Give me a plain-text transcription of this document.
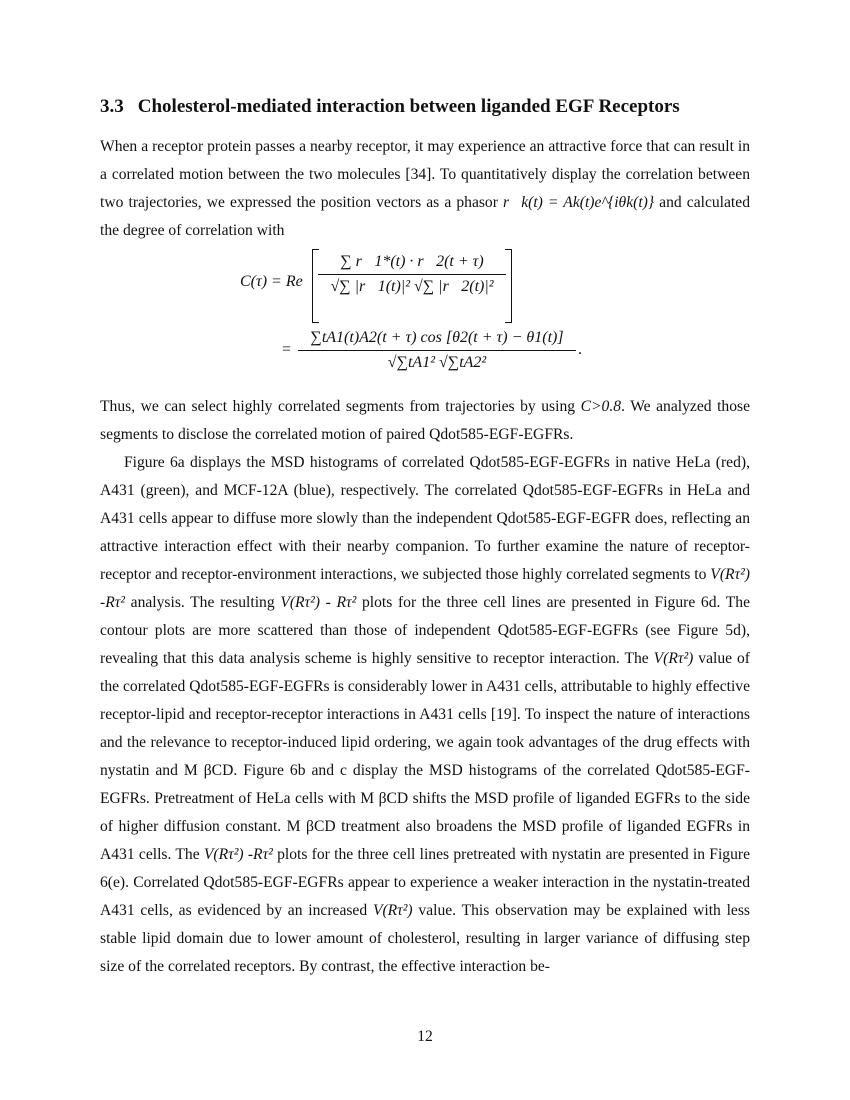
3.3 Cholesterol-mediated interaction between liganded EGF Receptors

When a receptor protein passes a nearby receptor, it may experience an attractive force that can result in a correlated motion between the two molecules [34]. To quantitatively display the correlation between two trajectories, we expressed the position vectors as a phasor r⃗k(t) = Ak(t)e^{iθk(t)} and calculated the degree of correlation with

C(τ) = Re
∑ r⃗1*(t) · r⃗2(t + τ)
√∑ |r⃗1(t)|² √∑ |r⃗2(t)|²
=
∑tA1(t)A2(t + τ) cos [θ2(t + τ) − θ1(t)]
√∑tA1² √∑tA2²
.

Thus, we can select highly correlated segments from trajectories by using C>0.8. We analyzed those segments to disclose the correlated motion of paired Qdot585-EGF-EGFRs.

Figure 6a displays the MSD histograms of correlated Qdot585-EGF-EGFRs in native HeLa (red), A431 (green), and MCF-12A (blue), respectively. The correlated Qdot585-EGF-EGFRs in HeLa and A431 cells appear to diffuse more slowly than the independent Qdot585-EGF-EGFR does, reflecting an attractive interaction effect with their nearby companion. To further examine the nature of receptor-receptor and receptor-environment interactions, we subjected those highly correlated segments to V(Rτ²) -Rτ² analysis. The resulting V(Rτ²) - Rτ² plots for the three cell lines are presented in Figure 6d. The contour plots are more scattered than those of independent Qdot585-EGF-EGFRs (see Figure 5d), revealing that this data analysis scheme is highly sensitive to receptor interaction. The V(Rτ²) value of the correlated Qdot585-EGF-EGFRs is considerably lower in A431 cells, attributable to highly effective receptor-lipid and receptor-receptor interactions in A431 cells [19]. To inspect the nature of interactions and the relevance to receptor-induced lipid ordering, we again took advantages of the drug effects with nystatin and M βCD. Figure 6b and c display the MSD histograms of the correlated Qdot585-EGF-EGFRs. Pretreatment of HeLa cells with M βCD shifts the MSD profile of liganded EGFRs to the side of higher diffusion constant. M βCD treatment also broadens the MSD profile of liganded EGFRs in A431 cells. The V(Rτ²) -Rτ² plots for the three cell lines pretreated with nystatin are presented in Figure 6(e). Correlated Qdot585-EGF-EGFRs appear to experience a weaker interaction in the nystatin-treated A431 cells, as evidenced by an increased V(Rτ²) value. This observation may be explained with less stable lipid domain due to lower amount of cholesterol, resulting in larger variance of diffusing step size of the correlated receptors. By contrast, the effective interaction be-

12
